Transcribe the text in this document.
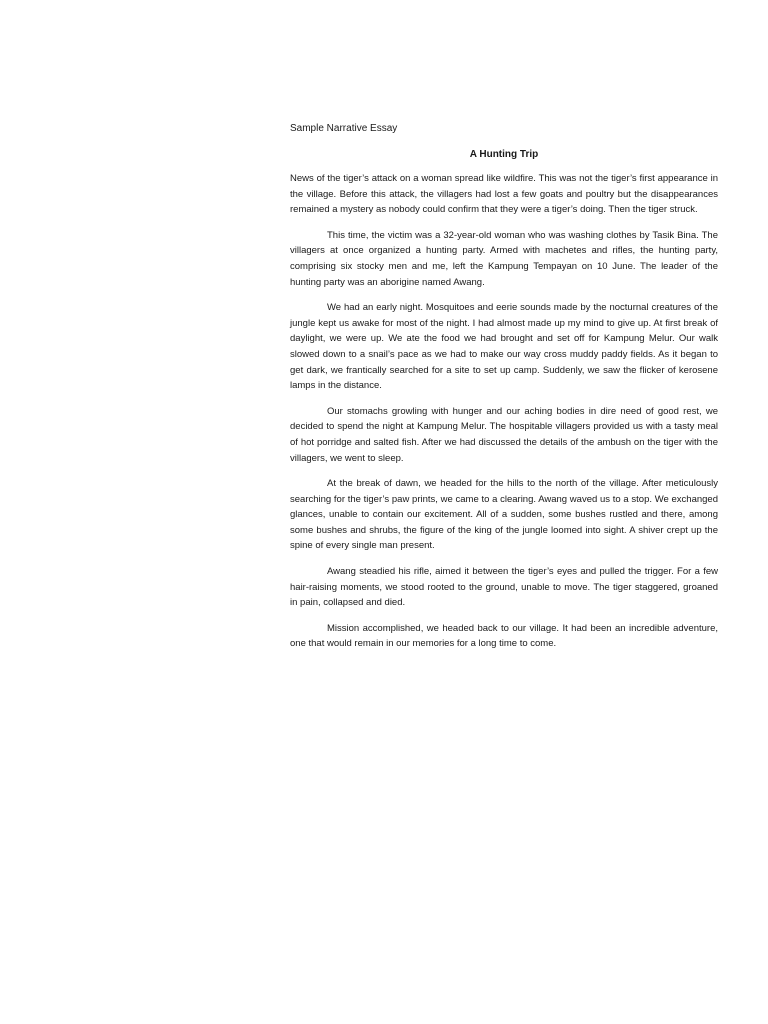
Sample Narrative Essay
A Hunting Trip

News of the tiger’s attack on a woman spread like wildfire. This was not the tiger’s first appearance in the village. Before this attack, the villagers had lost a few goats and poultry but the disappearances remained a mystery as nobody could confirm that they were a tiger’s doing. Then the tiger struck.

This time, the victim was a 32-year-old woman who was washing clothes by Tasik Bina. The villagers at once organized a hunting party. Armed with machetes and rifles, the hunting party, comprising six stocky men and me, left the Kampung Tempayan on 10 June. The leader of the hunting party was an aborigine named Awang.

We had an early night. Mosquitoes and eerie sounds made by the nocturnal creatures of the jungle kept us awake for most of the night. I had almost made up my mind to give up. At first break of daylight, we were up. We ate the food we had brought and set off for Kampung Melur. Our walk slowed down to a snail’s pace as we had to make our way cross muddy paddy fields. As it began to get dark, we frantically searched for a site to set up camp. Suddenly, we saw the flicker of kerosene lamps in the distance.

Our stomachs growling with hunger and our aching bodies in dire need of good rest, we decided to spend the night at Kampung Melur. The hospitable villagers provided us with a tasty meal of hot porridge and salted fish. After we had discussed the details of the ambush on the tiger with the villagers, we went to sleep.

At the break of dawn, we headed for the hills to the north of the village. After meticulously searching for the tiger’s paw prints, we came to a clearing. Awang waved us to a stop. We exchanged glances, unable to contain our excitement. All of a sudden, some bushes rustled and there, among some bushes and shrubs, the figure of the king of the jungle loomed into sight. A shiver crept up the spine of every single man present.

Awang steadied his rifle, aimed it between the tiger’s eyes and pulled the trigger. For a few hair-raising moments, we stood rooted to the ground, unable to move. The tiger staggered, groaned in pain, collapsed and died.

Mission accomplished, we headed back to our village. It had been an incredible adventure, one that would remain in our memories for a long time to come.
